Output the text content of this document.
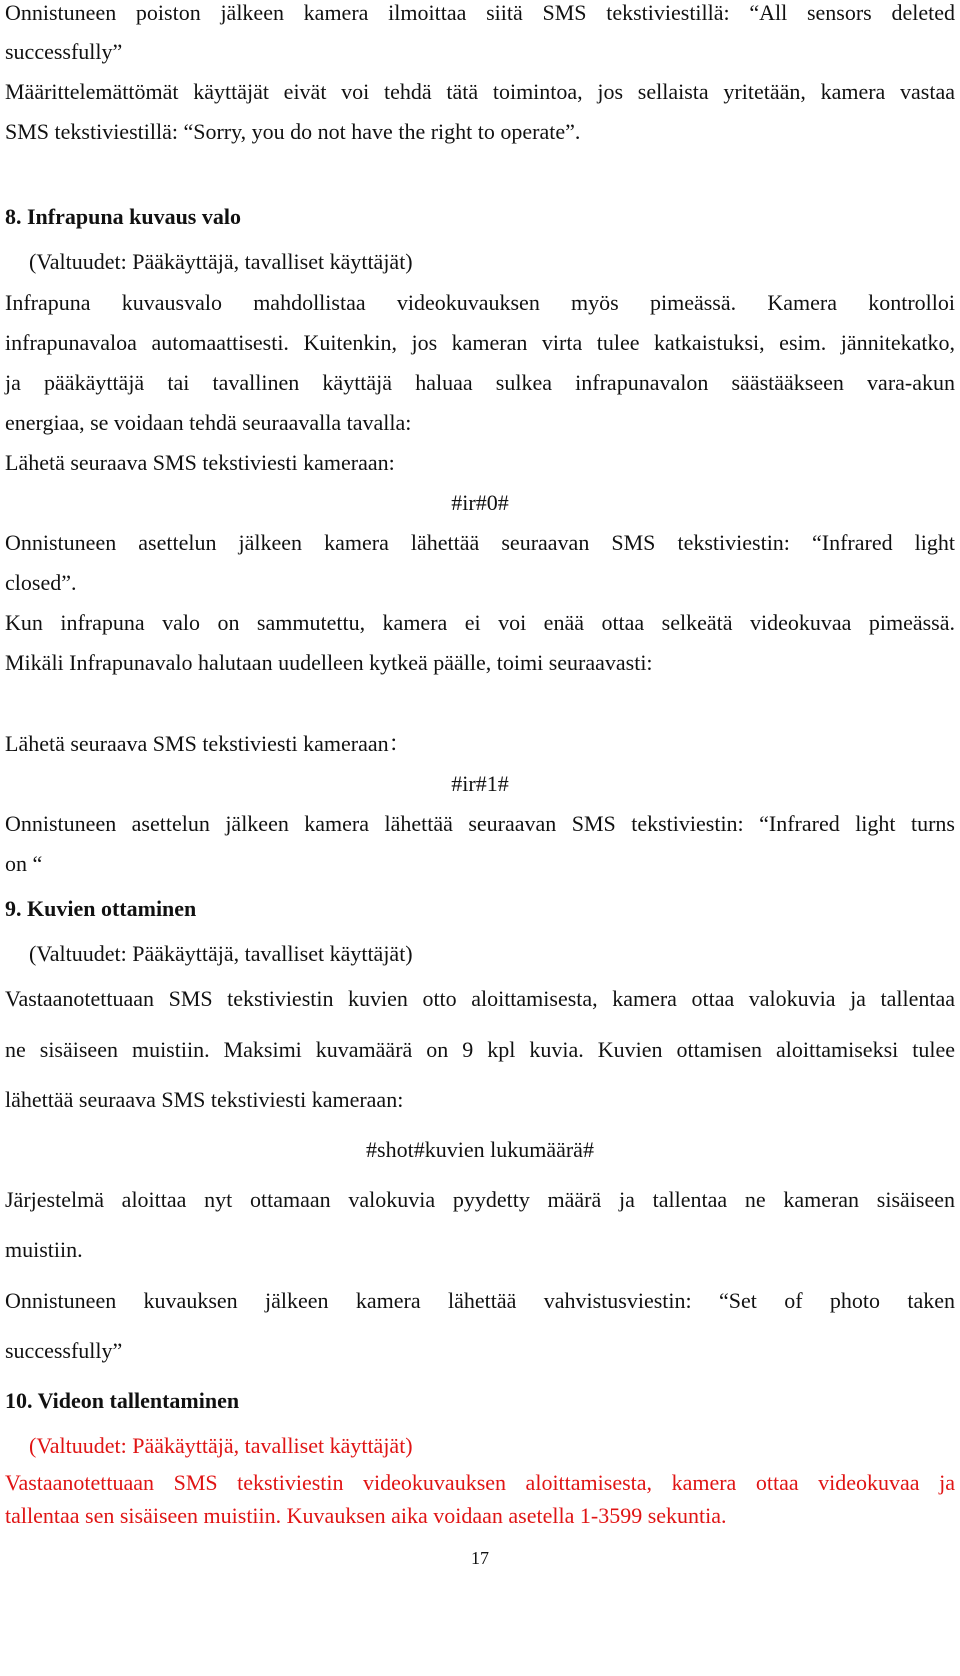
Onnistuneen poiston jälkeen kamera ilmoittaa siitä SMS tekstiviestillä: “All sensors deleted
successfully”
Määrittelemättömät käyttäjät eivät voi tehdä tätä toimintoa, jos sellaista yritetään, kamera vastaa
SMS tekstiviestillä: “Sorry, you do not have the right to operate”.
8. Infrapuna kuvaus valo
(Valtuudet: Pääkäyttäjä, tavalliset käyttäjät)
Infrapuna kuvausvalo mahdollistaa videokuvauksen myös pimeässä. Kamera kontrolloi
infrapunavaloa automaattisesti. Kuitenkin, jos kameran virta tulee katkaistuksi, esim. jännitekatko,
ja pääkäyttäjä tai tavallinen käyttäjä haluaa sulkea infrapunavalon säästääkseen vara-akun
energiaa, se voidaan tehdä seuraavalla tavalla:
Lähetä seuraava SMS tekstiviesti kameraan:
#ir#0#
Onnistuneen asettelun jälkeen kamera lähettää seuraavan SMS tekstiviestin: “Infrared light
closed”.
Kun infrapuna valo on sammutettu, kamera ei voi enää ottaa selkeätä videokuvaa pimeässä.
Mikäli Infrapunavalo halutaan uudelleen kytkeä päälle, toimi seuraavasti:
Lähetä seuraava SMS tekstiviesti kameraan：
#ir#1#
Onnistuneen asettelun jälkeen kamera lähettää seuraavan SMS tekstiviestin: “Infrared light turns
on “
9. Kuvien ottaminen
(Valtuudet: Pääkäyttäjä, tavalliset käyttäjät)
Vastaanotettuaan SMS tekstiviestin kuvien otto aloittamisesta, kamera ottaa valokuvia ja tallentaa
ne sisäiseen muistiin. Maksimi kuvamäärä on 9 kpl kuvia. Kuvien ottamisen aloittamiseksi tulee
lähettää seuraava SMS tekstiviesti kameraan:
#shot#kuvien lukumäärä#
Järjestelmä aloittaa nyt ottamaan valokuvia pyydetty määrä ja tallentaa ne kameran sisäiseen
muistiin.
Onnistuneen kuvauksen jälkeen kamera lähettää vahvistusviestin: “Set of photo taken
successfully”
10. Videon tallentaminen
(Valtuudet: Pääkäyttäjä, tavalliset käyttäjät)
Vastaanotettuaan SMS tekstiviestin videokuvauksen aloittamisesta, kamera ottaa videokuvaa ja
tallentaa sen sisäiseen muistiin. Kuvauksen aika voidaan asetella 1-3599 sekuntia.
17
